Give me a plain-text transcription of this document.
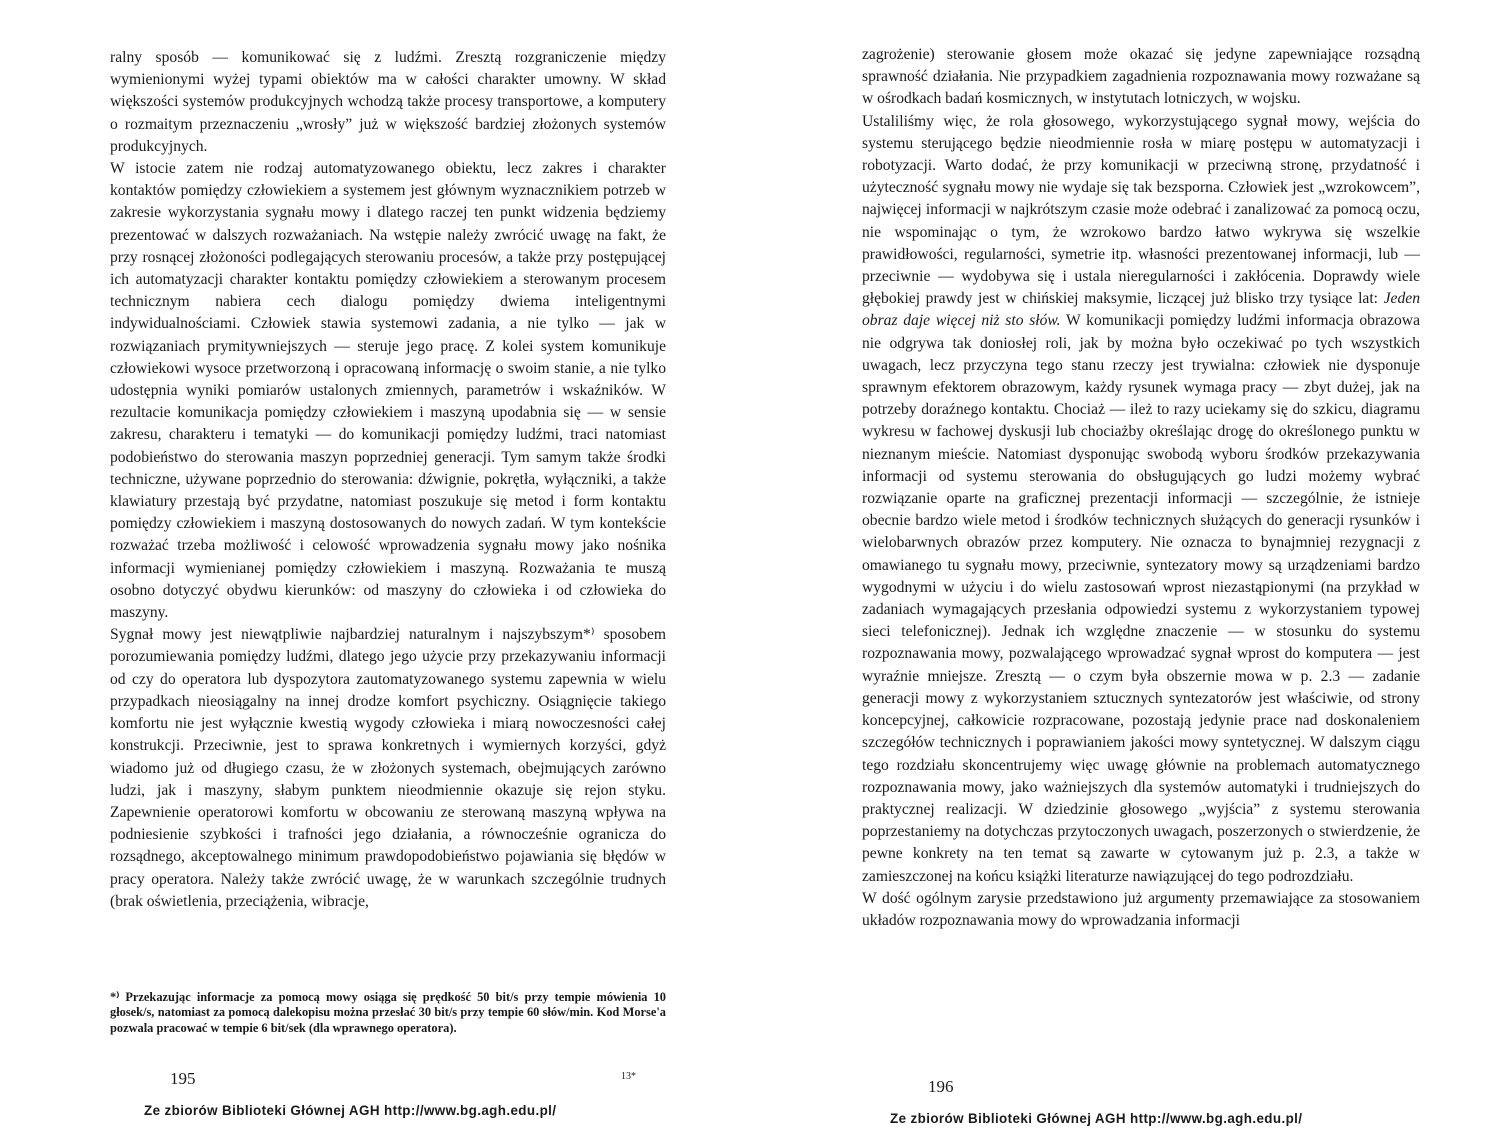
ralny sposób — komunikować się z ludźmi. Zresztą rozgraniczenie między wymienionymi wyżej typami obiektów ma w całości charakter umowny. W skład większości systemów produkcyjnych wchodzą także procesy transportowe, a komputery o rozmaitym przeznaczeniu „wrosły” już w większość bardziej złożonych systemów produkcyjnych.

W istocie zatem nie rodzaj automatyzowanego obiektu, lecz zakres i charakter kontaktów pomiędzy człowiekiem a systemem jest głównym wyznacznikiem potrzeb w zakresie wykorzystania sygnału mowy i dlatego raczej ten punkt widzenia będziemy prezentować w dalszych rozważaniach. Na wstępie należy zwrócić uwagę na fakt, że przy rosnącej złożoności podlegających sterowaniu procesów, a także przy postępującej ich automatyzacji charakter kontaktu pomiędzy człowiekiem a sterowanym procesem technicznym nabiera cech dialogu pomiędzy dwiema inteligentnymi indywidualnościami. Człowiek stawia systemowi zadania, a nie tylko — jak w rozwiązaniach prymitywniejszych — steruje jego pracę. Z kolei system komunikuje człowiekowi wysoce przetworzoną i opracowaną informację o swoim stanie, a nie tylko udostępnia wyniki pomiarów ustalonych zmiennych, parametrów i wskaźników. W rezultacie komunikacja pomiędzy człowiekiem i maszyną upodabnia się — w sensie zakresu, charakteru i tematyki — do komunikacji pomiędzy ludźmi, traci natomiast podobieństwo do sterowania maszyn poprzedniej generacji. Tym samym także środki techniczne, używane poprzednio do sterowania: dźwignie, pokrętła, wyłączniki, a także klawiatury przestają być przydatne, natomiast poszukuje się metod i form kontaktu pomiędzy człowiekiem i maszyną dostosowanych do nowych zadań. W tym kontekście rozważać trzeba możliwość i celowość wprowadzenia sygnału mowy jako nośnika informacji wymienianej pomiędzy człowiekiem i maszyną. Rozważania te muszą osobno dotyczyć obydwu kierunków: od maszyny do człowieka i od człowieka do maszyny.

Sygnał mowy jest niewątpliwie najbardziej naturalnym i najszybszym*⁾ sposobem porozumiewania pomiędzy ludźmi, dlatego jego użycie przy przekazywaniu informacji od czy do operatora lub dyspozytora zautomatyzowanego systemu zapewnia w wielu przypadkach nieosiągalny na innej drodze komfort psychiczny. Osiągnięcie takiego komfortu nie jest wyłącznie kwestią wygody człowieka i miarą nowoczesności całej konstrukcji. Przeciwnie, jest to sprawa konkretnych i wymiernych korzyści, gdyż wiadomo już od długiego czasu, że w złożonych systemach, obejmujących zarówno ludzi, jak i maszyny, słabym punktem nieodmiennie okazuje się rejon styku. Zapewnienie operatorowi komfortu w obcowaniu ze sterowaną maszyną wpływa na podniesienie szybkości i trafności jego działania, a równocześnie ogranicza do rozsądnego, akceptowalnego minimum prawdopodobieństwo pojawiania się błędów w pracy operatora. Należy także zwrócić uwagę, że w warunkach szczególnie trudnych (brak oświetlenia, przeciążenia, wibracje,

*⁾ Przekazując informacje za pomocą mowy osiąga się prędkość 50 bit/s przy tempie mówienia 10 głosek/s, natomiast za pomocą dalekopisu można przesłać 30 bit/s przy tempie 60 słów/min. Kod Morse'a pozwala pracować w tempie 6 bit/sek (dla wprawnego operatora).
195	13*
Ze zbiorów Biblioteki Głównej AGH http://www.bg.agh.edu.pl/

zagrożenie) sterowanie głosem może okazać się jedyne zapewniające rozsądną sprawność działania. Nie przypadkiem zagadnienia rozpoznawania mowy rozważane są w ośrodkach badań kosmicznych, w instytutach lotniczych, w wojsku.

Ustaliliśmy więc, że rola głosowego, wykorzystującego sygnał mowy, wejścia do systemu sterującego będzie nieodmiennie rosła w miarę postępu w automatyzacji i robotyzacji. Warto dodać, że przy komunikacji w przeciwną stronę, przydatność i użyteczność sygnału mowy nie wydaje się tak bezsporna. Człowiek jest „wzrokowcem”, najwięcej informacji w najkrótszym czasie może odebrać i zanalizować za pomocą oczu, nie wspominając o tym, że wzrokowo bardzo łatwo wykrywa się wszelkie prawidłowości, regularności, symetrie itp. własności prezentowanej informacji, lub — przeciwnie — wydobywa się i ustala nieregularności i zakłócenia. Doprawdy wiele głębokiej prawdy jest w chińskiej maksymie, liczącej już blisko trzy tysiące lat: Jeden obraz daje więcej niż sto słów. W komunikacji pomiędzy ludźmi informacja obrazowa nie odgrywa tak doniosłej roli, jak by można było oczekiwać po tych wszystkich uwagach, lecz przyczyna tego stanu rzeczy jest trywialna: człowiek nie dysponuje sprawnym efektorem obrazowym, każdy rysunek wymaga pracy — zbyt dużej, jak na potrzeby doraźnego kontaktu. Chociaż — ileż to razy uciekamy się do szkicu, diagramu wykresu w fachowej dyskusji lub chociażby określając drogę do określonego punktu w nieznanym mieście. Natomiast dysponując swobodą wyboru środków przekazywania informacji od systemu sterowania do obsługujących go ludzi możemy wybrać rozwiązanie oparte na graficznej prezentacji informacji — szczególnie, że istnieje obecnie bardzo wiele metod i środków technicznych służących do generacji rysunków i wielobarwnych obrazów przez komputery. Nie oznacza to bynajmniej rezygnacji z omawianego tu sygnału mowy, przeciwnie, syntezatory mowy są urządzeniami bardzo wygodnymi w użyciu i do wielu zastosowań wprost niezastąpionymi (na przykład w zadaniach wymagających przesłania odpowiedzi systemu z wykorzystaniem typowej sieci telefonicznej). Jednak ich względne znaczenie — w stosunku do systemu rozpoznawania mowy, pozwalającego wprowadzać sygnał wprost do komputera — jest wyraźnie mniejsze. Zresztą — o czym była obszernie mowa w p. 2.3 — zadanie generacji mowy z wykorzystaniem sztucznych syntezatorów jest właściwie, od strony koncepcyjnej, całkowicie rozpracowane, pozostają jedynie prace nad doskonaleniem szczegółów technicznych i poprawianiem jakości mowy syntetycznej. W dalszym ciągu tego rozdziału skoncentrujemy więc uwagę głównie na problemach automatycznego rozpoznawania mowy, jako ważniejszych dla systemów automatyki i trudniejszych do praktycznej realizacji. W dziedzinie głosowego „wyjścia” z systemu sterowania poprzestaniemy na dotychczas przytoczonych uwagach, poszerzonych o stwierdzenie, że pewne konkrety na ten temat są zawarte w cytowanym już p. 2.3, a także w zamieszczonej na końcu książki literaturze nawiązującej do tego podrozdziału.

W dość ogólnym zarysie przedstawiono już argumenty przemawiające za stosowaniem układów rozpoznawania mowy do wprowadzania informacji

196
Ze zbiorów Biblioteki Głównej AGH http://www.bg.agh.edu.pl/
